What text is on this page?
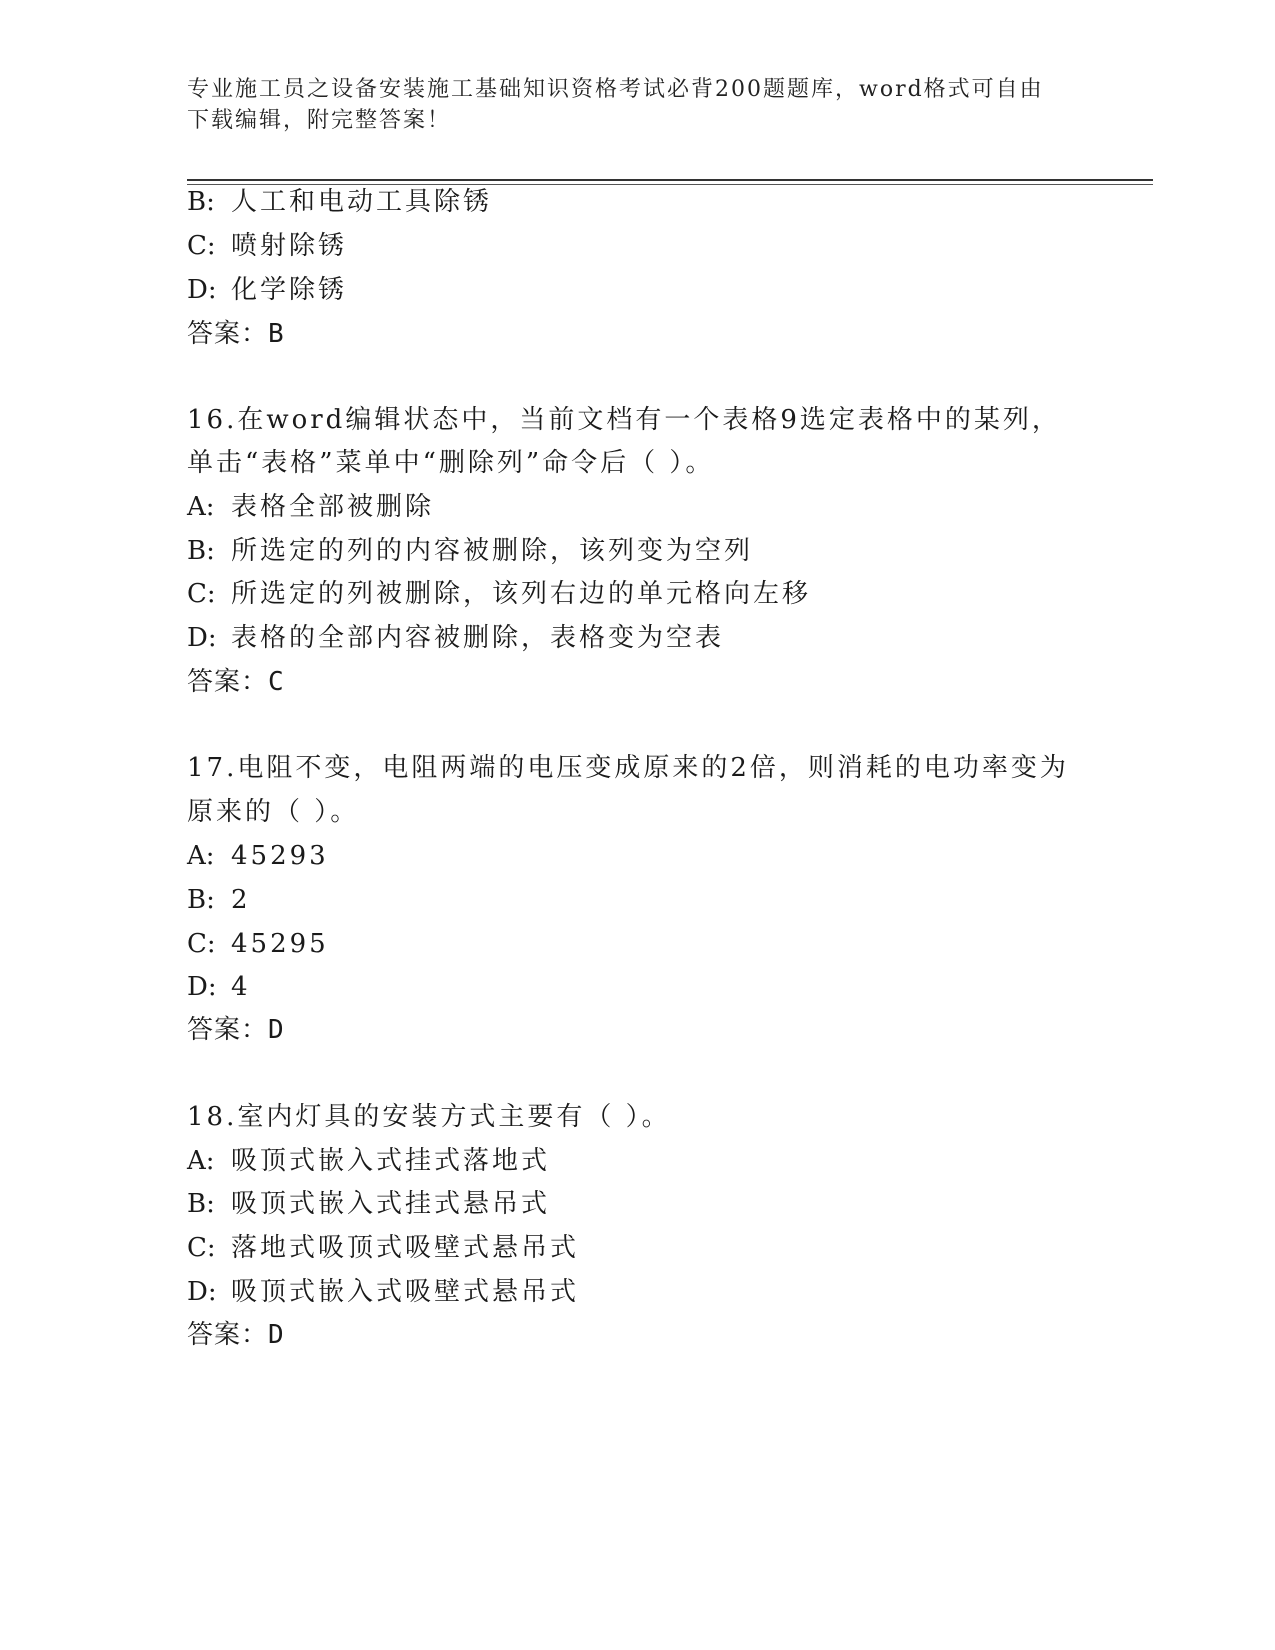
专业施工员之设备安装施工基础知识资格考试必背200题题库，word格式可自由
下载编辑，附完整答案！
B: 人工和电动工具除锈
C: 喷射除锈
D: 化学除锈
答案：B
16.在word编辑状态中，当前文档有一个表格9选定表格中的某列，
单击“表格”菜单中“删除列”命令后（ ）。
A: 表格全部被删除
B: 所选定的列的内容被删除，该列变为空列
C: 所选定的列被删除，该列右边的单元格向左移
D: 表格的全部内容被删除，表格变为空表
答案：C
17.电阻不变，电阻两端的电压变成原来的2倍，则消耗的电功率变为
原来的（ ）。
A: 45293
B: 2
C: 45295
D: 4
答案：D
18.室内灯具的安装方式主要有（ ）。
A: 吸顶式嵌入式挂式落地式
B: 吸顶式嵌入式挂式悬吊式
C: 落地式吸顶式吸壁式悬吊式
D: 吸顶式嵌入式吸壁式悬吊式
答案：D
